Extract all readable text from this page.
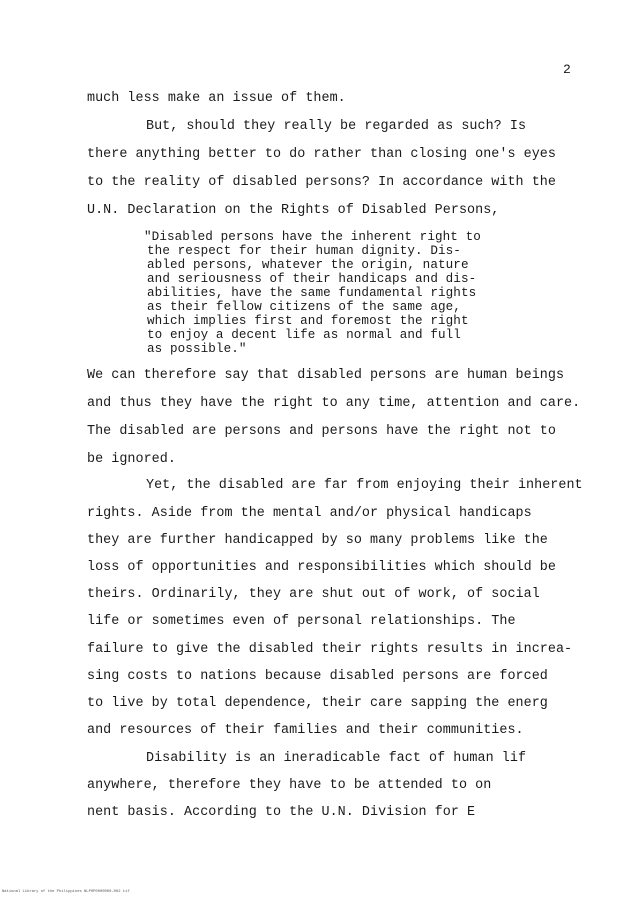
2
much less make an issue of them.
But, should they really be regarded as such? Is
there anything better to do rather than closing one's eyes
to the reality of disabled persons? In accordance with the
U.N. Declaration on the Rights of Disabled Persons,
"Disabled persons have the inherent right to
the respect for their human dignity. Dis-
abled persons, whatever the origin, nature
and seriousness of their handicaps and dis-
abilities, have the same fundamental rights
as their fellow citizens of the same age,
which implies first and foremost the right
to enjoy a decent life as normal and full
as possible."
We can therefore say that disabled persons are human beings
and thus they have the right to any time, attention and care.
The disabled are persons and persons have the right not to
be ignored.
Yet, the disabled are far from enjoying their inherent
rights. Aside from the mental and/or physical handicaps
they are further handicapped by so many problems like the
loss of opportunities and responsibilities which should be
theirs. Ordinarily, they are shut out of work, of social
life or sometimes even of personal relationships. The
failure to give the disabled their rights results in increa-
sing costs to nations because disabled persons are forced
to live by total dependence, their care sapping the energ
and resources of their families and their communities.
Disability is an ineradicable fact of human lif
anywhere, therefore they have to be attended to on
nent basis. According to the U.N. Division for E
National Library of the Philippines NLP0P0000000-002 tif
